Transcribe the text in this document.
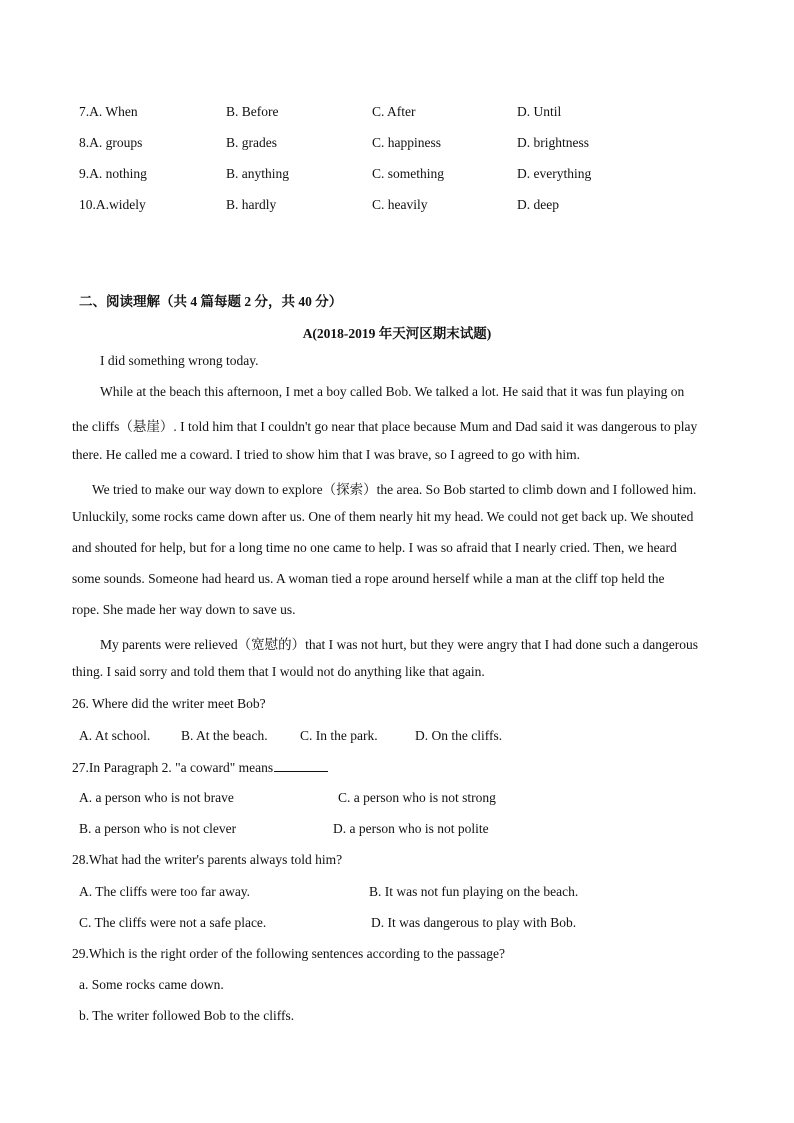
7.A. When	B. Before	C. After	D. Until
8.A. groups	B. grades	C. happiness	D. brightness
9.A. nothing	B. anything	C. something	D. everything
10.A.widely	B. hardly	C. heavily	D. deep
二、阅读理解（共 4 篇每题 2 分，共 40 分）
A(2018-2019 年天河区期末试题)
I did something wrong today.
While at the beach this afternoon, I met a boy called Bob. We talked a lot. He said that it was fun playing on
the cliffs（悬崖）. I told him that I couldn't go near that place because Mum and Dad said it was dangerous to play
there. He called me a coward. I tried to show him that I was brave, so I agreed to go with him.
We tried to make our way down to explore（探索）the area. So Bob started to climb down and I followed him.
Unluckily, some rocks came down after us. One of them nearly hit my head. We could not get back up. We shouted
and shouted for help, but for a long time no one came to help. I was so afraid that I nearly cried. Then, we heard
some sounds. Someone had heard us. A woman tied a rope around herself while a man at the cliff top held the
rope. She made her way down to save us.
My parents were relieved（宽慰的）that I was not hurt, but they were angry that I had done such a dangerous
thing. I said sorry and told them that I would not do anything like that again.
26. Where did the writer meet Bob?
A. At school. B. At the beach. C. In the park.	D. On the cliffs.
27.In Paragraph 2. "a coward" means
A. a person who is not brave	C. a person who is not strong
B. a person who is not clever	D. a person who is not polite
28.What had the writer's parents always told him?
A. The cliffs were too far away.	B. It was not fun playing on the beach.
C. The cliffs were not a safe place.	D. It was dangerous to play with Bob.
29.Which is the right order of the following sentences according to the passage?
a. Some rocks came down.
b. The writer followed Bob to the cliffs.
